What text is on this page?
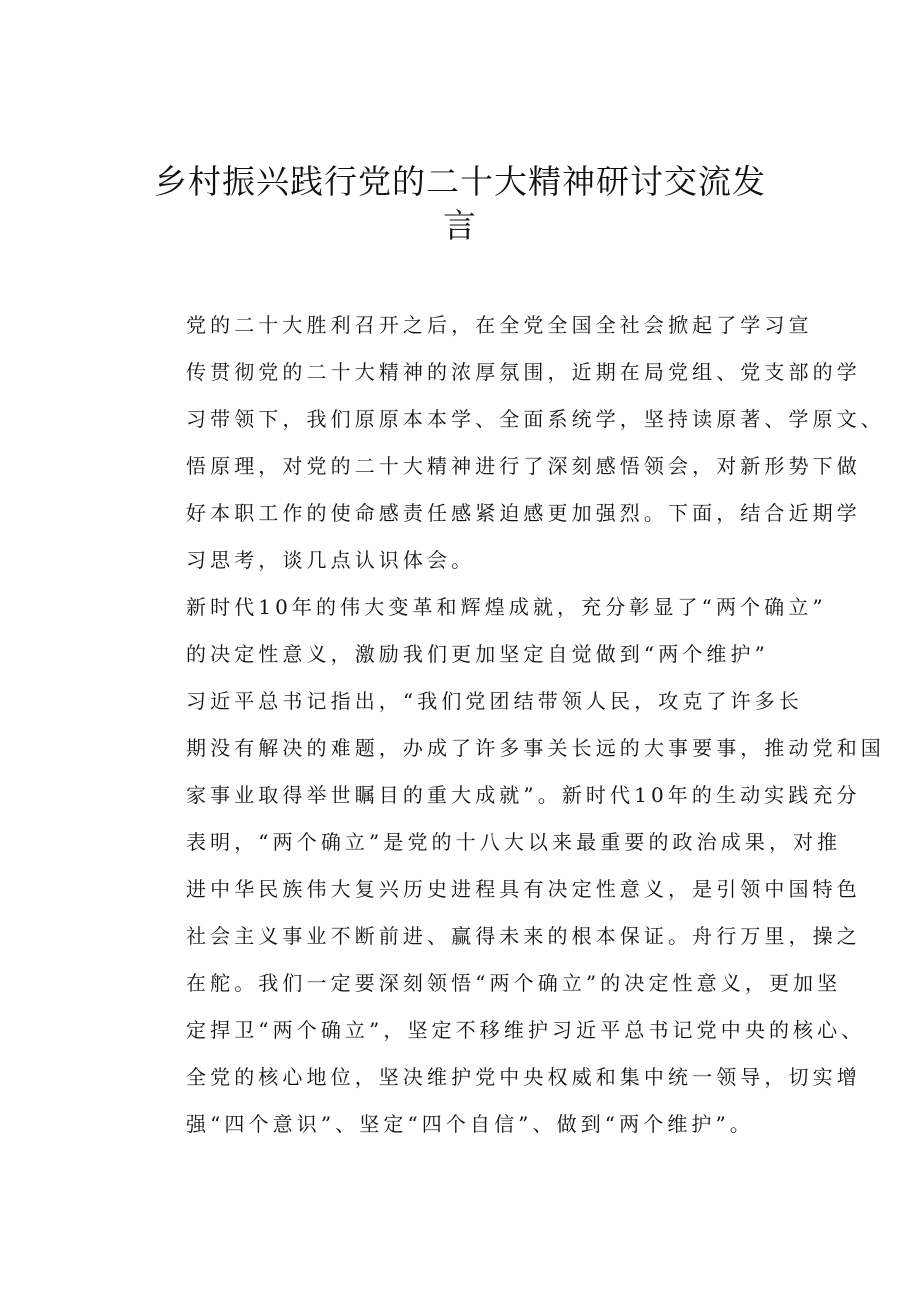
乡村振兴践行党的二十大精神研讨交流发
言

党的二十大胜利召开之后，在全党全国全社会掀起了学习宣
传贯彻党的二十大精神的浓厚氛围，近期在局党组、党支部的学
习带领下，我们原原本本学、全面系统学，坚持读原著、学原文、
悟原理，对党的二十大精神进行了深刻感悟领会，对新形势下做
好本职工作的使命感责任感紧迫感更加强烈。下面，结合近期学
习思考，谈几点认识体会。

新时代10年的伟大变革和辉煌成就，充分彰显了“两个确立”
的决定性意义，激励我们更加坚定自觉做到“两个维护”

习近平总书记指出，“我们党团结带领人民，攻克了许多长
期没有解决的难题，办成了许多事关长远的大事要事，推动党和国
家事业取得举世瞩目的重大成就”。新时代10年的生动实践充分
表明，“两个确立”是党的十八大以来最重要的政治成果，对推
进中华民族伟大复兴历史进程具有决定性意义，是引领中国特色
社会主义事业不断前进、赢得未来的根本保证。舟行万里，操之
在舵。我们一定要深刻领悟“两个确立”的决定性意义，更加坚
定捍卫“两个确立”，坚定不移维护习近平总书记党中央的核心、
全党的核心地位，坚决维护党中央权威和集中统一领导，切实增
强“四个意识”、坚定“四个自信”、做到“两个维护”。
